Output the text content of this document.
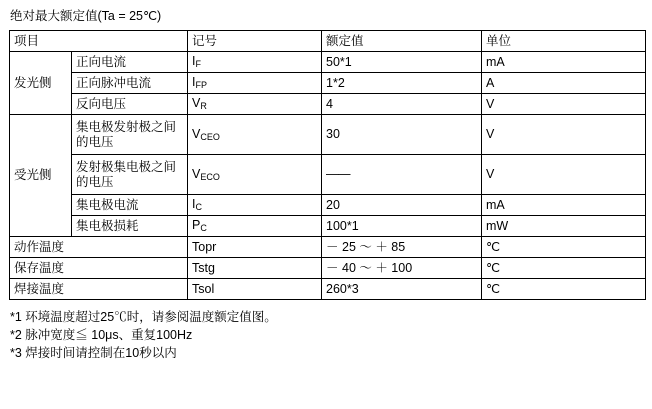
绝对最大额定值(Ta = 25℃)
项目		记号	额定值	单位
发光侧	正向电流	IF	50*1	mA
	正向脉冲电流	IFP	1*2	A
	反向电压	VR	4	V
受光侧	集电极发射极之间的电压	VCEO	30	V
	发射极集电极之间的电压	VECO	——	V
	集电极电流	IC	20	mA
	集电极损耗	PC	100*1	mW
动作温度		Topr	－ 25 ～ ＋ 85	℃
保存温度		Tstg	－ 40 ～ ＋ 100	℃
焊接温度		Tsol	260*3	℃
*1 环境温度超过25℃时，请参阅温度额定值图。
*2 脉冲宽度≦ 10μs、重复100Hz
*3 焊接时间请控制在10秒以内
